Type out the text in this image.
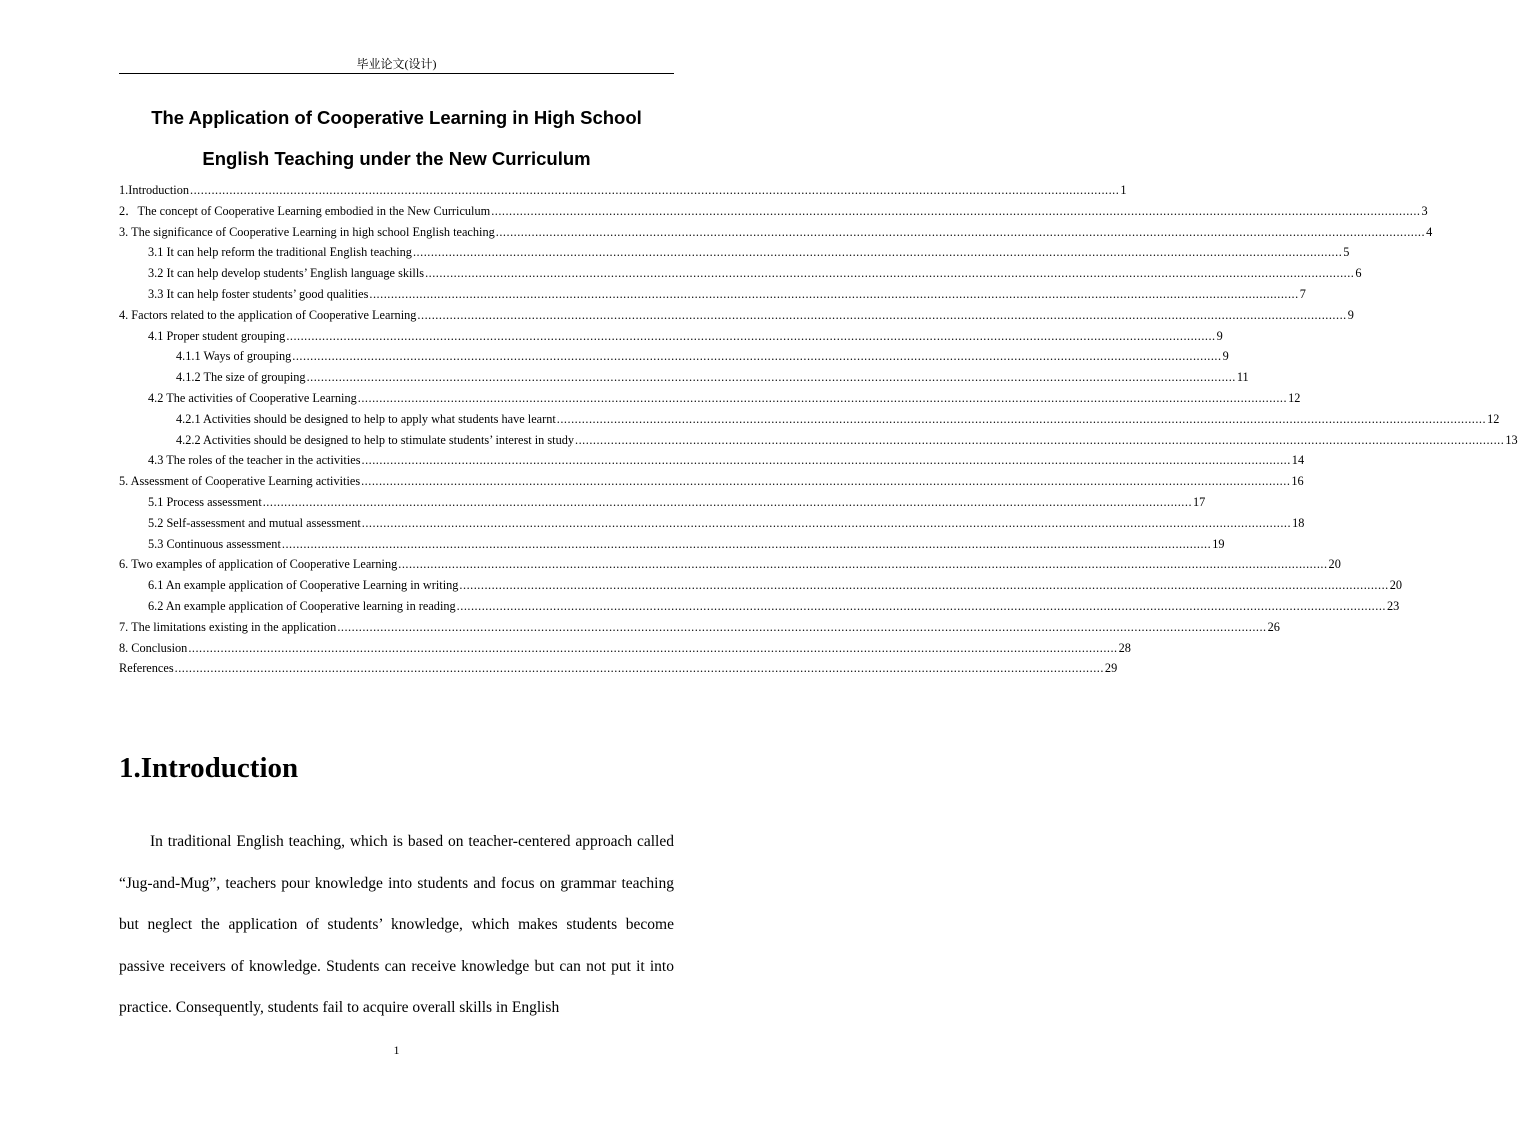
毕业论文(设计)
The Application of Cooperative Learning in High School
English Teaching under the New Curriculum
1.Introduction .................................................................................................................................................................................................................................................................... 1
2．The concept of Cooperative Learning embodied in the New Curriculum .................................................................................................................................................................................................................................................................... 3
3. The significance of Cooperative Learning in high school English teaching .................................................................................................................................................................................................................................................................... 4
3.1 It can help reform the traditional English teaching .................................................................................................................................................................................................................................................................... 5
3.2 It can help develop students’ English language skills .................................................................................................................................................................................................................................................................... 6
3.3 It can help foster students’ good qualities .................................................................................................................................................................................................................................................................... 7
4. Factors related to the application of Cooperative Learning .................................................................................................................................................................................................................................................................... 9
4.1 Proper student grouping .................................................................................................................................................................................................................................................................... 9
4.1.1 Ways of grouping .................................................................................................................................................................................................................................................................... 9
4.1.2 The size of grouping .................................................................................................................................................................................................................................................................... 11
4.2 The activities of Cooperative Learning .................................................................................................................................................................................................................................................................... 12
4.2.1 Activities should be designed to help to apply what students have learnt .................................................................................................................................................................................................................................................................... 12
4.2.2 Activities should be designed to help to stimulate students’ interest in study .................................................................................................................................................................................................................................................................... 13
4.3 The roles of the teacher in the activities .................................................................................................................................................................................................................................................................... 14
5. Assessment of Cooperative Learning activities .................................................................................................................................................................................................................................................................... 16
5.1 Process assessment .................................................................................................................................................................................................................................................................... 17
5.2 Self-assessment and mutual assessment .................................................................................................................................................................................................................................................................... 18
5.3 Continuous assessment .................................................................................................................................................................................................................................................................... 19
6. Two examples of application of Cooperative Learning .................................................................................................................................................................................................................................................................... 20
6.1 An example application of Cooperative Learning in writing .................................................................................................................................................................................................................................................................... 20
6.2 An example application of Cooperative learning in reading .................................................................................................................................................................................................................................................................... 23
7. The limitations existing in the application .................................................................................................................................................................................................................................................................... 26
8. Conclusion .................................................................................................................................................................................................................................................................... 28
References .................................................................................................................................................................................................................................................................... 29
1.Introduction

In traditional English teaching, which is based on teacher-centered approach called “Jug-and-Mug”, teachers pour knowledge into students and focus on grammar teaching but neglect the application of students’ knowledge, which makes students become passive receivers of knowledge. Students can receive knowledge but can not put it into practice. Consequently, students fail to acquire overall skills in English

1
